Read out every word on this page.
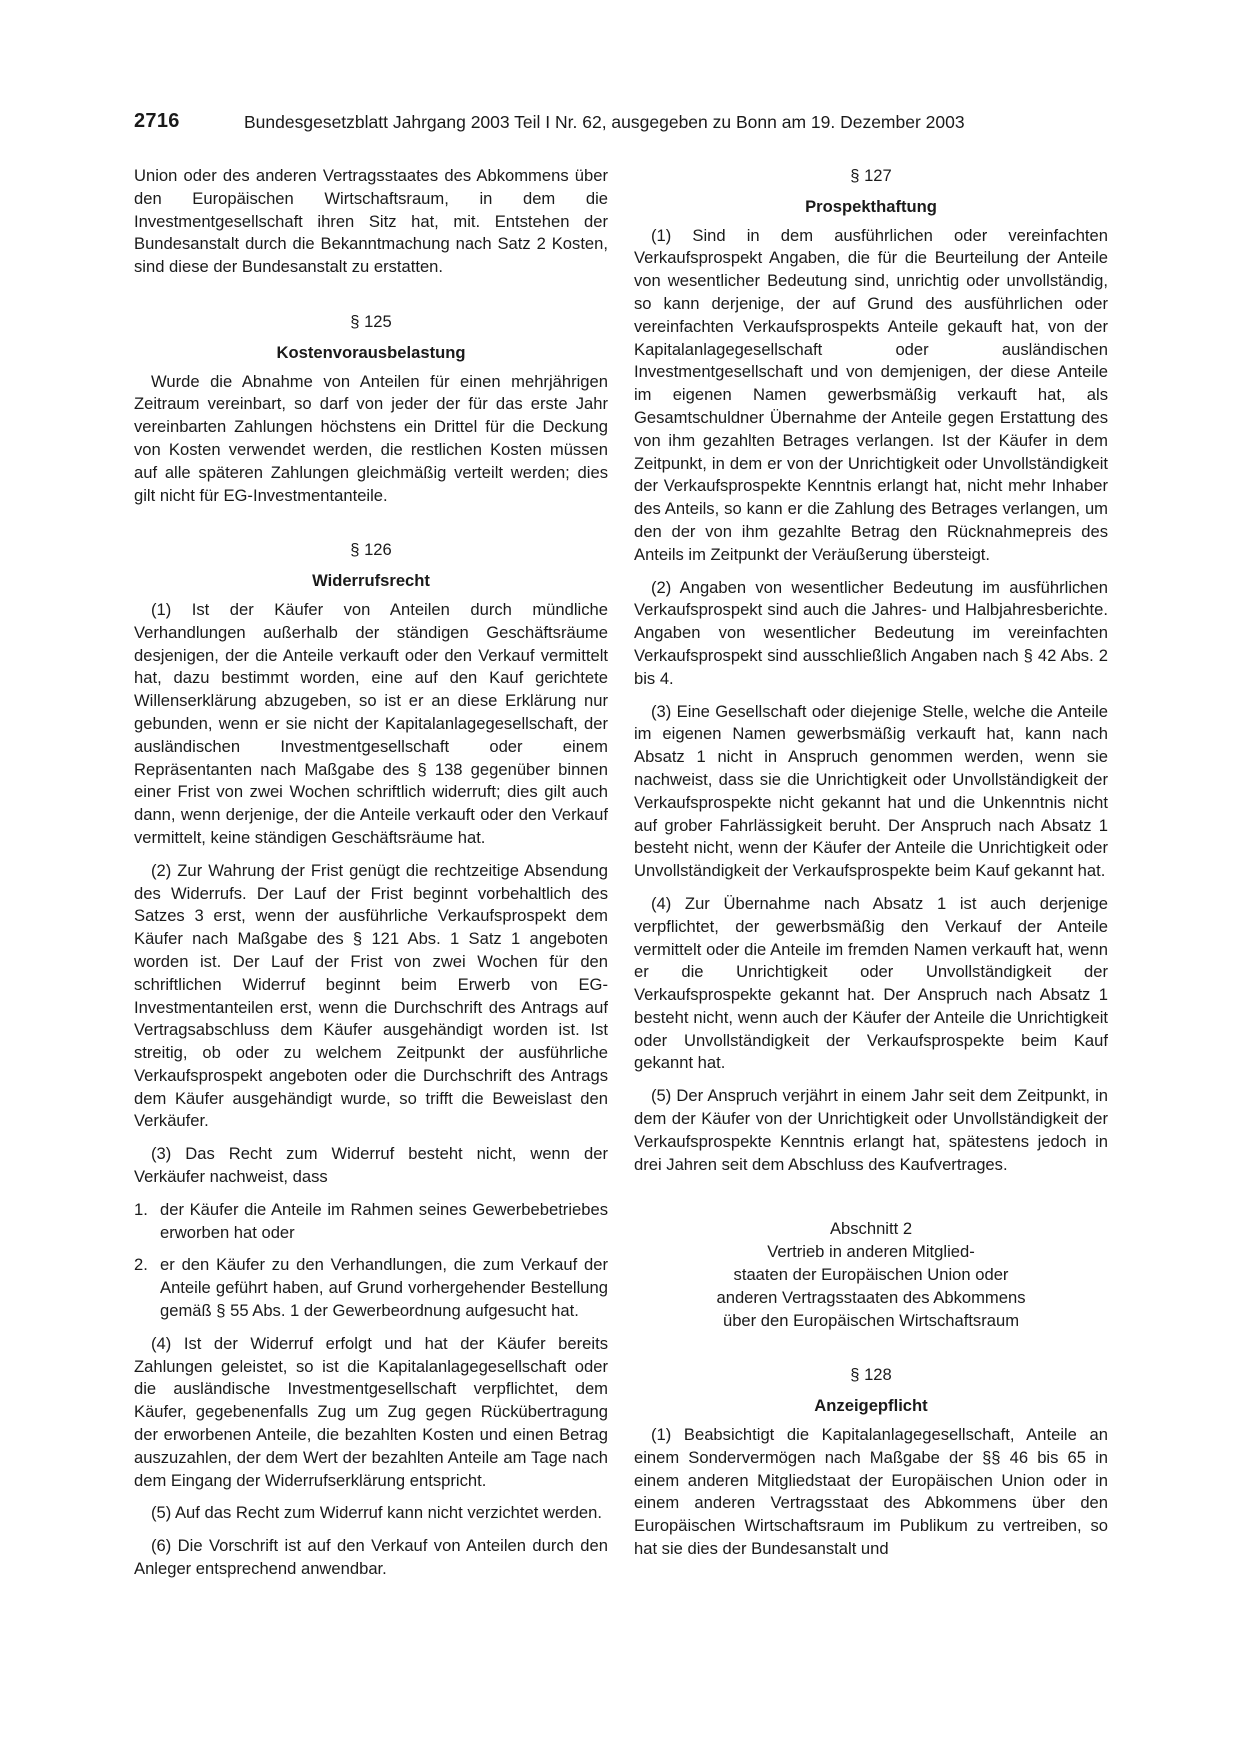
2716	Bundesgesetzblatt Jahrgang 2003 Teil I Nr. 62, ausgegeben zu Bonn am 19. Dezember 2003

Union oder des anderen Vertragsstaates des Abkommens über den Europäischen Wirtschaftsraum, in dem die Investmentgesellschaft ihren Sitz hat, mit. Entstehen der Bundesanstalt durch die Bekanntmachung nach Satz 2 Kosten, sind diese der Bundesanstalt zu erstatten.

§ 125
Kostenvorausbelastung

Wurde die Abnahme von Anteilen für einen mehrjährigen Zeitraum vereinbart, so darf von jeder der für das erste Jahr vereinbarten Zahlungen höchstens ein Drittel für die Deckung von Kosten verwendet werden, die restlichen Kosten müssen auf alle späteren Zahlungen gleichmäßig verteilt werden; dies gilt nicht für EG-Investmentanteile.

§ 126
Widerrufsrecht

(1) Ist der Käufer von Anteilen durch mündliche Verhandlungen außerhalb der ständigen Geschäftsräume desjenigen, der die Anteile verkauft oder den Verkauf vermittelt hat, dazu bestimmt worden, eine auf den Kauf gerichtete Willenserklärung abzugeben, so ist er an diese Erklärung nur gebunden, wenn er sie nicht der Kapitalanlagegesellschaft, der ausländischen Investmentgesellschaft oder einem Repräsentanten nach Maßgabe des § 138 gegenüber binnen einer Frist von zwei Wochen schriftlich widerruft; dies gilt auch dann, wenn derjenige, der die Anteile verkauft oder den Verkauf vermittelt, keine ständigen Geschäftsräume hat.

(2) Zur Wahrung der Frist genügt die rechtzeitige Absendung des Widerrufs. Der Lauf der Frist beginnt vorbehaltlich des Satzes 3 erst, wenn der ausführliche Verkaufsprospekt dem Käufer nach Maßgabe des § 121 Abs. 1 Satz 1 angeboten worden ist. Der Lauf der Frist von zwei Wochen für den schriftlichen Widerruf beginnt beim Erwerb von EG-Investmentanteilen erst, wenn die Durchschrift des Antrags auf Vertragsabschluss dem Käufer ausgehändigt worden ist. Ist streitig, ob oder zu welchem Zeitpunkt der ausführliche Verkaufsprospekt angeboten oder die Durchschrift des Antrags dem Käufer ausgehändigt wurde, so trifft die Beweislast den Verkäufer.

(3) Das Recht zum Widerruf besteht nicht, wenn der Verkäufer nachweist, dass

1. der Käufer die Anteile im Rahmen seines Gewerbebetriebes erworben hat oder
2. er den Käufer zu den Verhandlungen, die zum Verkauf der Anteile geführt haben, auf Grund vorhergehender Bestellung gemäß § 55 Abs. 1 der Gewerbeordnung aufgesucht hat.

(4) Ist der Widerruf erfolgt und hat der Käufer bereits Zahlungen geleistet, so ist die Kapitalanlagegesellschaft oder die ausländische Investmentgesellschaft verpflichtet, dem Käufer, gegebenenfalls Zug um Zug gegen Rückübertragung der erworbenen Anteile, die bezahlten Kosten und einen Betrag auszuzahlen, der dem Wert der bezahlten Anteile am Tage nach dem Eingang der Widerrufserklärung entspricht.

(5) Auf das Recht zum Widerruf kann nicht verzichtet werden.

(6) Die Vorschrift ist auf den Verkauf von Anteilen durch den Anleger entsprechend anwendbar.

§ 127
Prospekthaftung

(1) Sind in dem ausführlichen oder vereinfachten Verkaufsprospekt Angaben, die für die Beurteilung der Anteile von wesentlicher Bedeutung sind, unrichtig oder unvollständig, so kann derjenige, der auf Grund des ausführlichen oder vereinfachten Verkaufsprospekts Anteile gekauft hat, von der Kapitalanlagegesellschaft oder ausländischen Investmentgesellschaft und von demjenigen, der diese Anteile im eigenen Namen gewerbsmäßig verkauft hat, als Gesamtschuldner Übernahme der Anteile gegen Erstattung des von ihm gezahlten Betrages verlangen. Ist der Käufer in dem Zeitpunkt, in dem er von der Unrichtigkeit oder Unvollständigkeit der Verkaufsprospekte Kenntnis erlangt hat, nicht mehr Inhaber des Anteils, so kann er die Zahlung des Betrages verlangen, um den der von ihm gezahlte Betrag den Rücknahmepreis des Anteils im Zeitpunkt der Veräußerung übersteigt.

(2) Angaben von wesentlicher Bedeutung im ausführlichen Verkaufsprospekt sind auch die Jahres- und Halbjahresberichte. Angaben von wesentlicher Bedeutung im vereinfachten Verkaufsprospekt sind ausschließlich Angaben nach § 42 Abs. 2 bis 4.

(3) Eine Gesellschaft oder diejenige Stelle, welche die Anteile im eigenen Namen gewerbsmäßig verkauft hat, kann nach Absatz 1 nicht in Anspruch genommen werden, wenn sie nachweist, dass sie die Unrichtigkeit oder Unvollständigkeit der Verkaufsprospekte nicht gekannt hat und die Unkenntnis nicht auf grober Fahrlässigkeit beruht. Der Anspruch nach Absatz 1 besteht nicht, wenn der Käufer der Anteile die Unrichtigkeit oder Unvollständigkeit der Verkaufsprospekte beim Kauf gekannt hat.

(4) Zur Übernahme nach Absatz 1 ist auch derjenige verpflichtet, der gewerbsmäßig den Verkauf der Anteile vermittelt oder die Anteile im fremden Namen verkauft hat, wenn er die Unrichtigkeit oder Unvollständigkeit der Verkaufsprospekte gekannt hat. Der Anspruch nach Absatz 1 besteht nicht, wenn auch der Käufer der Anteile die Unrichtigkeit oder Unvollständigkeit der Verkaufsprospekte beim Kauf gekannt hat.

(5) Der Anspruch verjährt in einem Jahr seit dem Zeitpunkt, in dem der Käufer von der Unrichtigkeit oder Unvollständigkeit der Verkaufsprospekte Kenntnis erlangt hat, spätestens jedoch in drei Jahren seit dem Abschluss des Kaufvertrages.

Abschnitt 2
Vertrieb in anderen Mitglied-
staaten der Europäischen Union oder
anderen Vertragsstaaten des Abkommens
über den Europäischen Wirtschaftsraum
§ 128
Anzeigepflicht

(1) Beabsichtigt die Kapitalanlagegesellschaft, Anteile an einem Sondervermögen nach Maßgabe der §§ 46 bis 65 in einem anderen Mitgliedstaat der Europäischen Union oder in einem anderen Vertragsstaat des Abkommens über den Europäischen Wirtschaftsraum im Publikum zu vertreiben, so hat sie dies der Bundesanstalt und
